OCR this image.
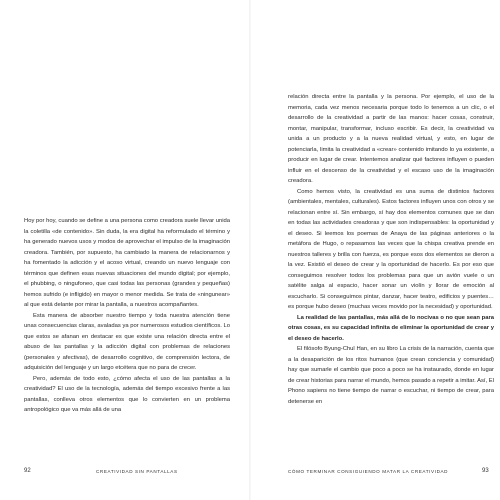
Hoy por hoy, cuando se define a una persona como creadora suele llevar unida la coletilla «de contenido». Sin duda, la era digital ha reformulado el término y ha generado nuevos usos y modos de aprovechar el impulso de la imaginación creadora. También, por supuesto, ha cambiado la manera de relacionarnos y ha fomentado la adicción y el acoso virtual, creando un nuevo lenguaje con términos que definen esas nuevas situaciones del mundo digital; por ejemplo, el phubbing, o ningufoneo, que casi todas las personas (grandes y pequeñas) hemos sufrido (e infligido) en mayor o menor medida. Se trata de «ningunear» al que está delante por mirar la pantalla, a nuestros acompañantes.

Esta manera de absorber nuestro tiempo y toda nuestra atención tiene unas consecuencias claras, avaladas ya por numerosos estudios científicos. Lo que estos se afanan en destacar es que existe una relación directa entre el abuso de las pantallas y la adicción digital con problemas de relaciones (personales y afectivas), de desarrollo cognitivo, de comprensión lectora, de adquisición del lenguaje y un largo etcétera que no para de crecer.

Pero, además de todo esto, ¿cómo afecta el uso de las pantallas a la creatividad? El uso de la tecnología, además del tiempo excesivo frente a las pantallas, conlleva otros elementos que lo convierten en un problema antropológico que va más allá de una

92	CREATIVIDAD SIN PANTALLAS

relación directa entre la pantalla y la persona. Por ejemplo, el uso de la memoria, cada vez menos necesaria porque todo lo tenemos a un clic, o el desarrollo de la creatividad a partir de las manos: hacer cosas, construir, montar, manipular, transformar, incluso escribir. Es decir, la creatividad va unida a un producto y a la nueva realidad virtual, y esto, en lugar de potenciarla, limita la creatividad a «crear» contenido imitando lo ya existente, a producir en lugar de crear. Intentemos analizar qué factores influyen o pueden influir en el descenso de la creatividad y el escaso uso de la imaginación creadora.

Como hemos visto, la creatividad es una suma de distintos factores (ambientales, mentales, culturales). Estos factores influyen unos con otros y se relacionan entre sí. Sin embargo, sí hay dos elementos comunes que se dan en todas las actividades creadoras y que son indispensables: la oportunidad y el deseo. Si leemos los poemas de Anaya de las páginas anteriores o la metáfora de Hugo, o repasamos las veces que la chispa creativa prende en nuestros talleres y brilla con fuerza, es porque esos dos elementos se dieron a la vez. Existió el deseo de crear y la oportunidad de hacerlo. Es por eso que conseguimos resolver todos los problemas para que un avión vuele o un satélite salga al espacio, hacer sonar un violín y llorar de emoción al escucharlo. Si conseguimos pintar, danzar, hacer teatro, edificios y puentes… es porque hubo deseo (muchas veces movido por la necesidad) y oportunidad.

La realidad de las pantallas, más allá de lo nocivas o no que sean para otras cosas, es su capacidad infinita de eliminar la oportunidad de crear y el deseo de hacerlo.

El filósofo Byung-Chul Han, en su libro La crisis de la narración, cuenta que a la desaparición de los ritos humanos (que crean conciencia y comunidad) hay que sumarle el cambio que poco a poco se ha instaurado, donde en lugar de crear historias para narrar el mundo, hemos pasado a repetir a imitar. Así, El Phono sapiens no tiene tiempo de narrar o escuchar, ni tiempo de crear, para detenerse en

CÓMO TERMINAR CONSIGUIENDO MATAR LA CREATIVIDAD	93
